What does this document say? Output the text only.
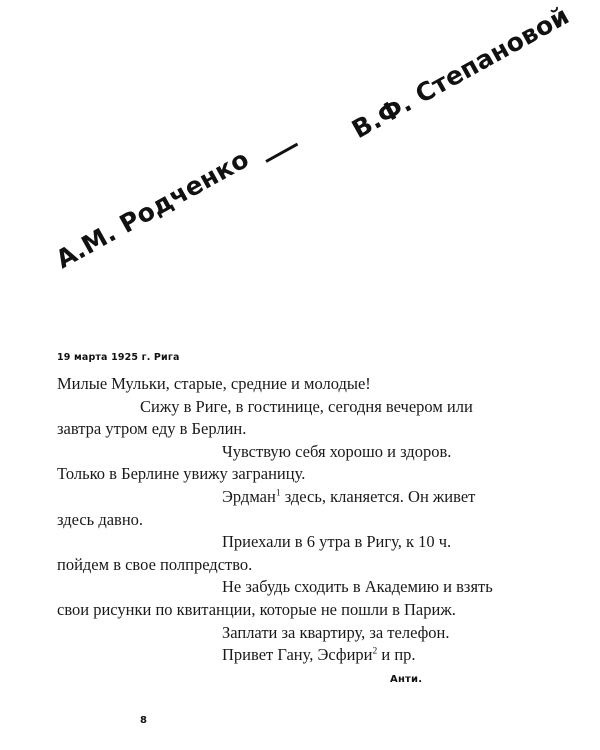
А.М. Родченко
В.Ф. Степановой

19 марта 1925 г. Рига

Милые Мульки, старые, средние и молодые!

Сижу в Риге, в гостинице, сегодня вечером или завтра утром еду в Берлин.

Чувствую себя хорошо и здоров. Только в Берлине увижу заграницу.

Эрдман$^1$ здесь, кланяется. Он живет здесь давно.

Приехали в 6 утра в Ригу, к 10 ч. пойдем в свое полпредство.

Не забудь сходить в Академию и взять свои рисунки по квитанции, которые не пошли в Париж.

Заплати за квартиру, за телефон.

Привет Гану, Эсфири$^2$ и пр.

Анти.

8
